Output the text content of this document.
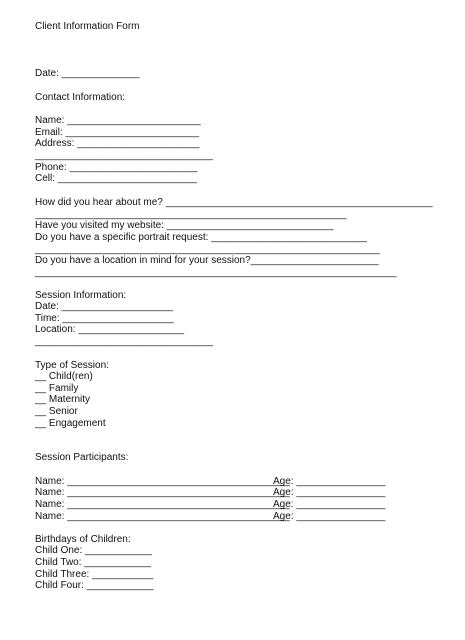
Client Information Form
Date: ______________
Contact Information:
Name: ________________________
Email: ________________________
Address: ______________________
________________________________
Phone: _______________________
Cell: _________________________
How did you hear about me? ________________________________________________
________________________________________________________
Have you visited my website: ______________________________
Do you have a specific portrait request: ____________________________
______________________________________________________________
Do you have a location in mind for your session?_______________________
_________________________________________________________________
Session Information:
Date: ____________________
Time: ____________________
Location: ___________________
________________________________
Type of Session:
__ Child(ren)
__ Family
__ Maternity
__ Senior
__ Engagement
Session Participants:
Name: ________________________________________
Age: ________________
Name: ________________________________________
Age: ________________
Name: ________________________________________
Age: ________________
Name: ________________________________________
Age: ________________
Birthdays of Children:
Child One: ____________
Child Two: ____________
Child Three: ___________
Child Four: ____________
